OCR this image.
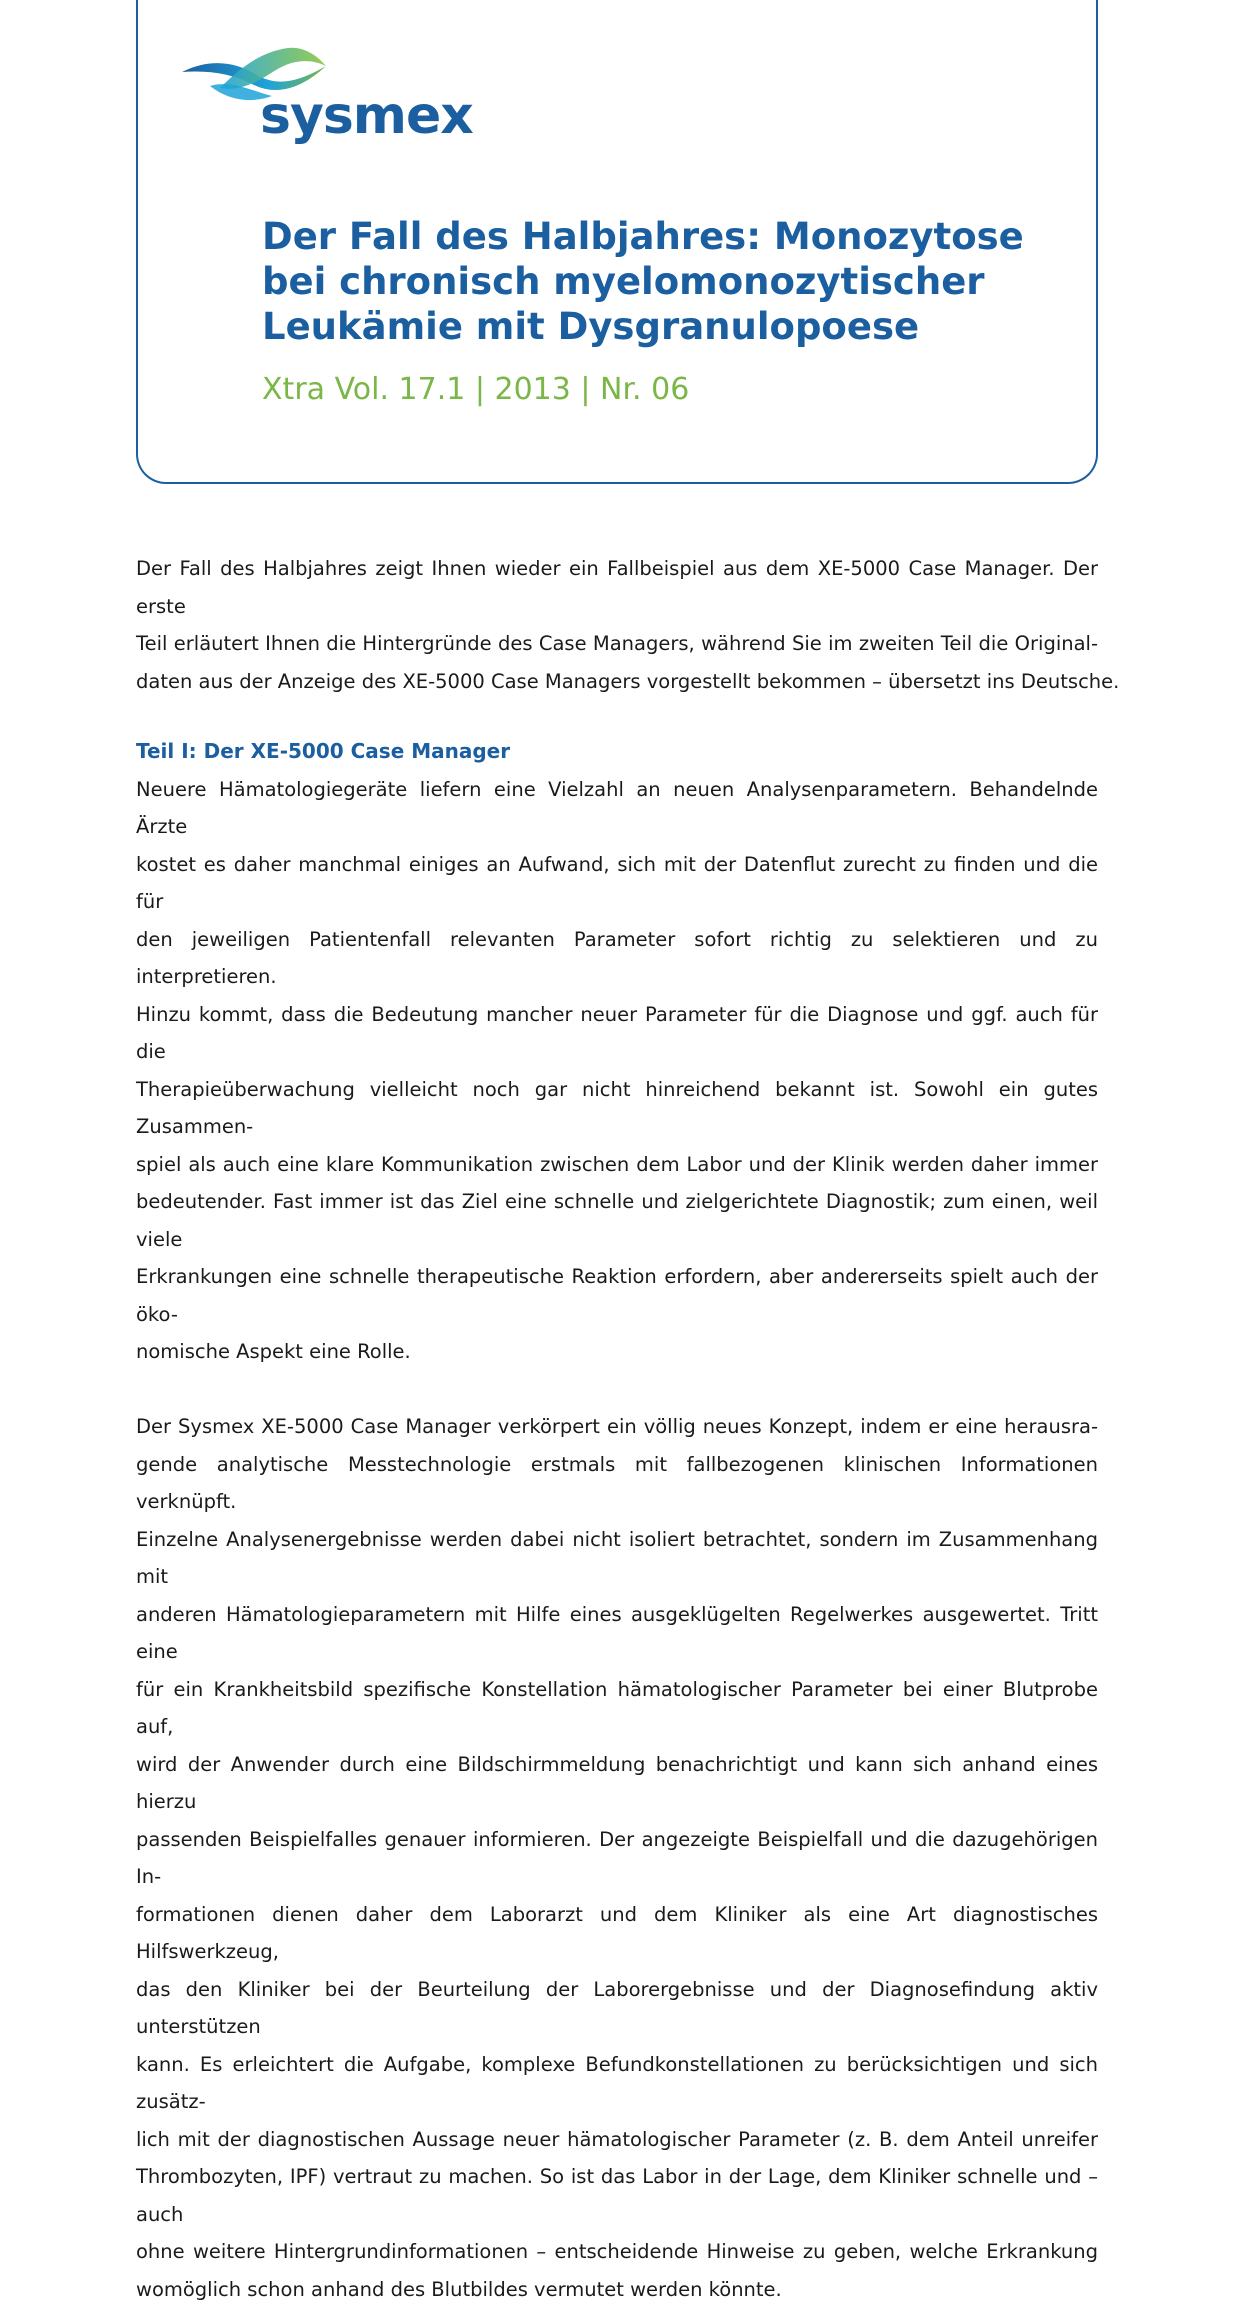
sysmex
Der Fall des Halbjahres: Monozytose
bei chronisch myelomonozytischer
Leukämie mit Dysgranulopoese
Xtra Vol. 17.1 | 2013 | Nr. 06

Der Fall des Halbjahres zeigt Ihnen wieder ein Fallbeispiel aus dem XE-5000 Case Manager. Der erste
Teil erläutert Ihnen die Hintergründe des Case Managers, während Sie im zweiten Teil die Original-
daten aus der Anzeige des XE-5000 Case Managers vorgestellt bekommen – übersetzt ins Deutsche.

Teil I: Der XE-5000 Case Manager

Neuere Hämatologiegeräte liefern eine Vielzahl an neuen Analysenparametern. Behandelnde Ärzte
kostet es daher manchmal einiges an Aufwand, sich mit der Datenflut zurecht zu finden und die für
den jeweiligen Patientenfall relevanten Parameter sofort richtig zu selektieren und zu interpretieren.
Hinzu kommt, dass die Bedeutung mancher neuer Parameter für die Diagnose und ggf. auch für die
Therapieüberwachung vielleicht noch gar nicht hinreichend bekannt ist. Sowohl ein gutes Zusammen-
spiel als auch eine klare Kommunikation zwischen dem Labor und der Klinik werden daher immer
bedeutender. Fast immer ist das Ziel eine schnelle und zielgerichtete Diagnostik; zum einen, weil viele
Erkrankungen eine schnelle therapeutische Reaktion erfordern, aber andererseits spielt auch der öko-
nomische Aspekt eine Rolle.

Der Sysmex XE-5000 Case Manager verkörpert ein völlig neues Konzept, indem er eine herausra-
gende analytische Messtechnologie erstmals mit fallbezogenen klinischen Informationen verknüpft.
Einzelne Analysenergebnisse werden dabei nicht isoliert betrachtet, sondern im Zusammenhang mit
anderen Hämatologieparametern mit Hilfe eines ausgeklügelten Regelwerkes ausgewertet. Tritt eine
für ein Krankheitsbild spezifische Konstellation hämatologischer Parameter bei einer Blutprobe auf,
wird der Anwender durch eine Bildschirmmeldung benachrichtigt und kann sich anhand eines hierzu
passenden Beispielfalles genauer informieren. Der angezeigte Beispielfall und die dazugehörigen In-
formationen dienen daher dem Laborarzt und dem Kliniker als eine Art diagnostisches Hilfswerkzeug,
das den Kliniker bei der Beurteilung der Laborergebnisse und der Diagnosefindung aktiv unterstützen
kann. Es erleichtert die Aufgabe, komplexe Befundkonstellationen zu berücksichtigen und sich zusätz-
lich mit der diagnostischen Aussage neuer hämatologischer Parameter (z. B. dem Anteil unreifer
Thrombozyten, IPF) vertraut zu machen. So ist das Labor in der Lage, dem Kliniker schnelle und – auch
ohne weitere Hintergrundinformationen – entscheidende Hinweise zu geben, welche Erkrankung
womöglich schon anhand des Blutbildes vermutet werden könnte.
